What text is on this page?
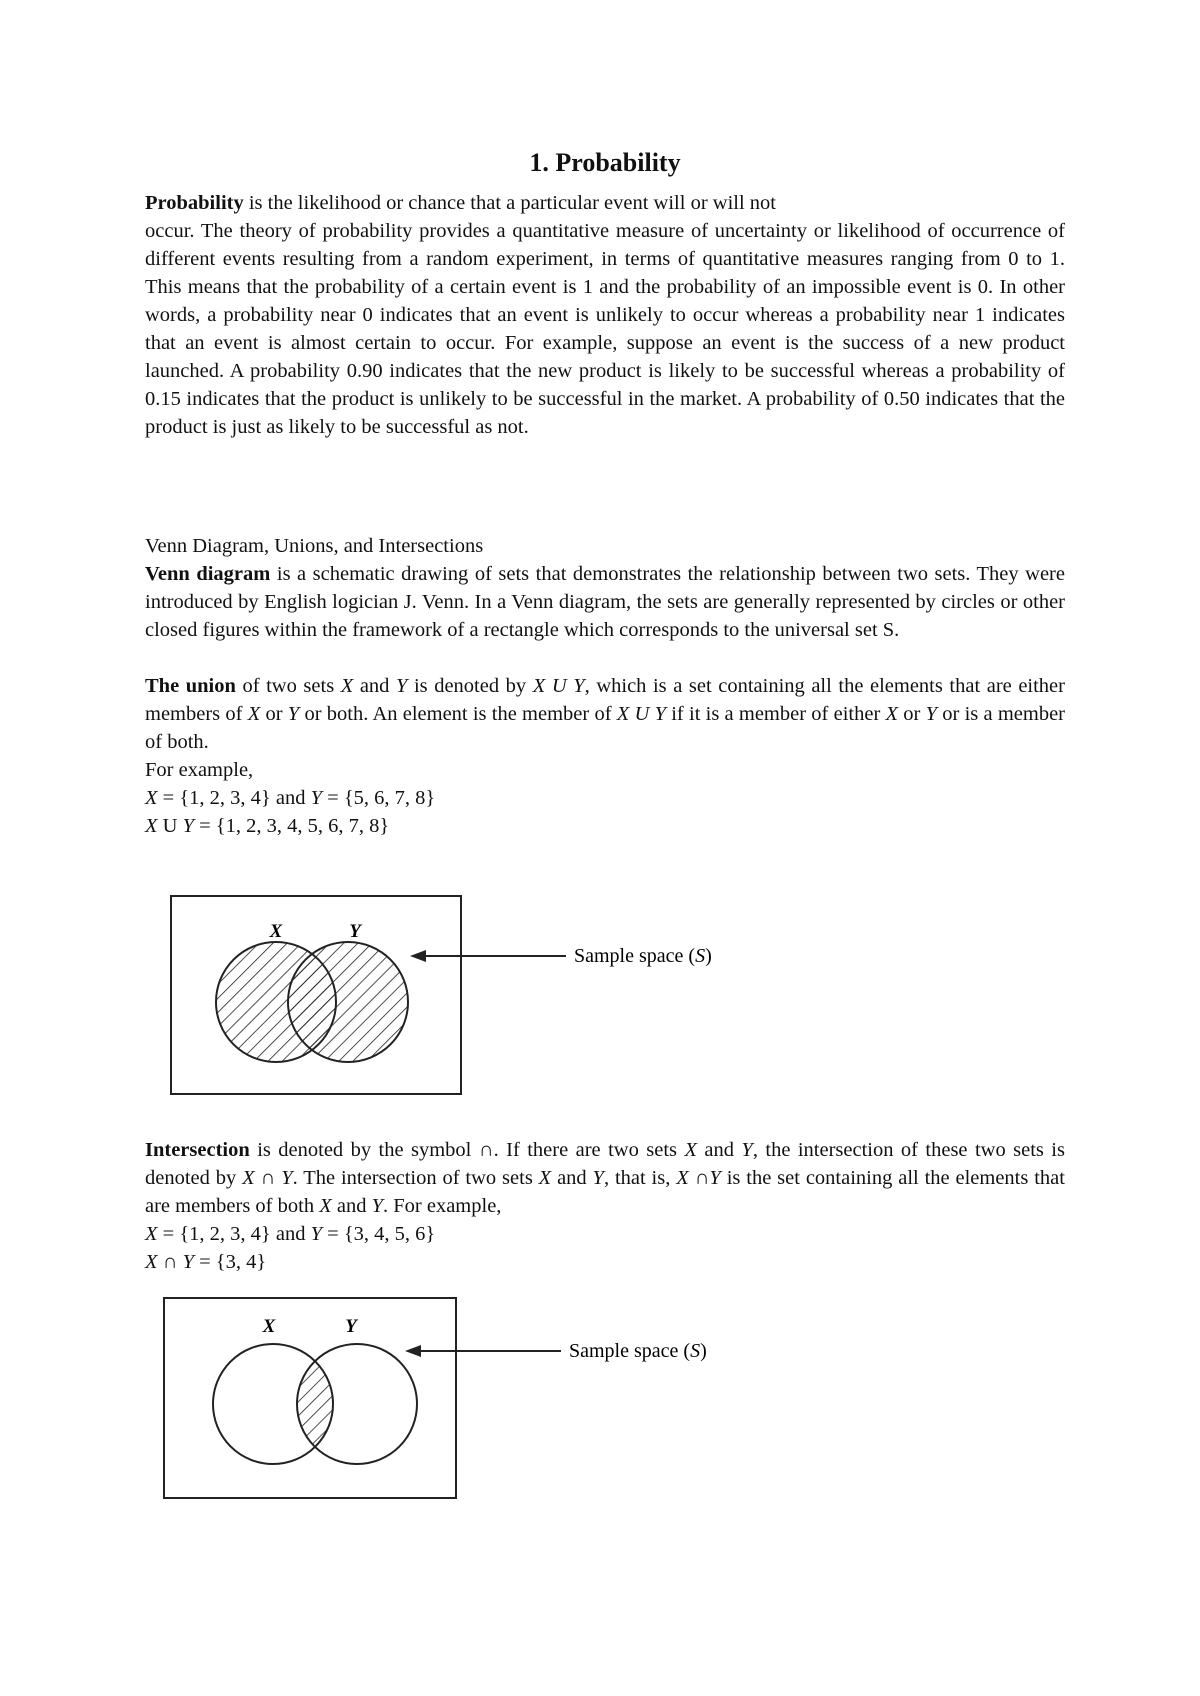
1. Probability
Probability is the likelihood or chance that a particular event will or will not
occur. The theory of probability provides a quantitative measure of uncertainty or likelihood of occurrence of different events resulting from a random experiment, in terms of quantitative measures ranging from 0 to 1. This means that the probability of a certain event is 1 and the probability of an impossible event is 0. In other words, a probability near 0 indicates that an event is unlikely to occur whereas a probability near 1 indicates that an event is almost certain to occur. For example, suppose an event is the success of a new product launched. A probability 0.90 indicates that the new product is likely to be successful whereas a probability of 0.15 indicates that the product is unlikely to be successful in the market. A probability of 0.50 indicates that the product is just as likely to be successful as not.
Venn Diagram, Unions, and Intersections
Venn diagram is a schematic drawing of sets that demonstrates the relationship between two sets. They were introduced by English logician J. Venn. In a Venn diagram, the sets are generally represented by circles or other closed figures within the framework of a rectangle which corresponds to the universal set S.
The union of two sets X and Y is denoted by X U Y, which is a set containing all the elements that are either members of X or Y or both. An element is the member of X U Y if it is a member of either X or Y or is a member of both.
For example,
X = {1, 2, 3, 4} and Y = {5, 6, 7, 8}
X U Y = {1, 2, 3, 4, 5, 6, 7, 8}
X	Y
Sample space (S)
Intersection is denoted by the symbol ∩. If there are two sets X and Y, the intersection of these two sets is denoted by X ∩ Y. The intersection of two sets X and Y, that is, X ∩Y is the set containing all the elements that are members of both X and Y. For example,
X = {1, 2, 3, 4} and Y = {3, 4, 5, 6}
X ∩ Y = {3, 4}
X	Y
Sample space (S)
